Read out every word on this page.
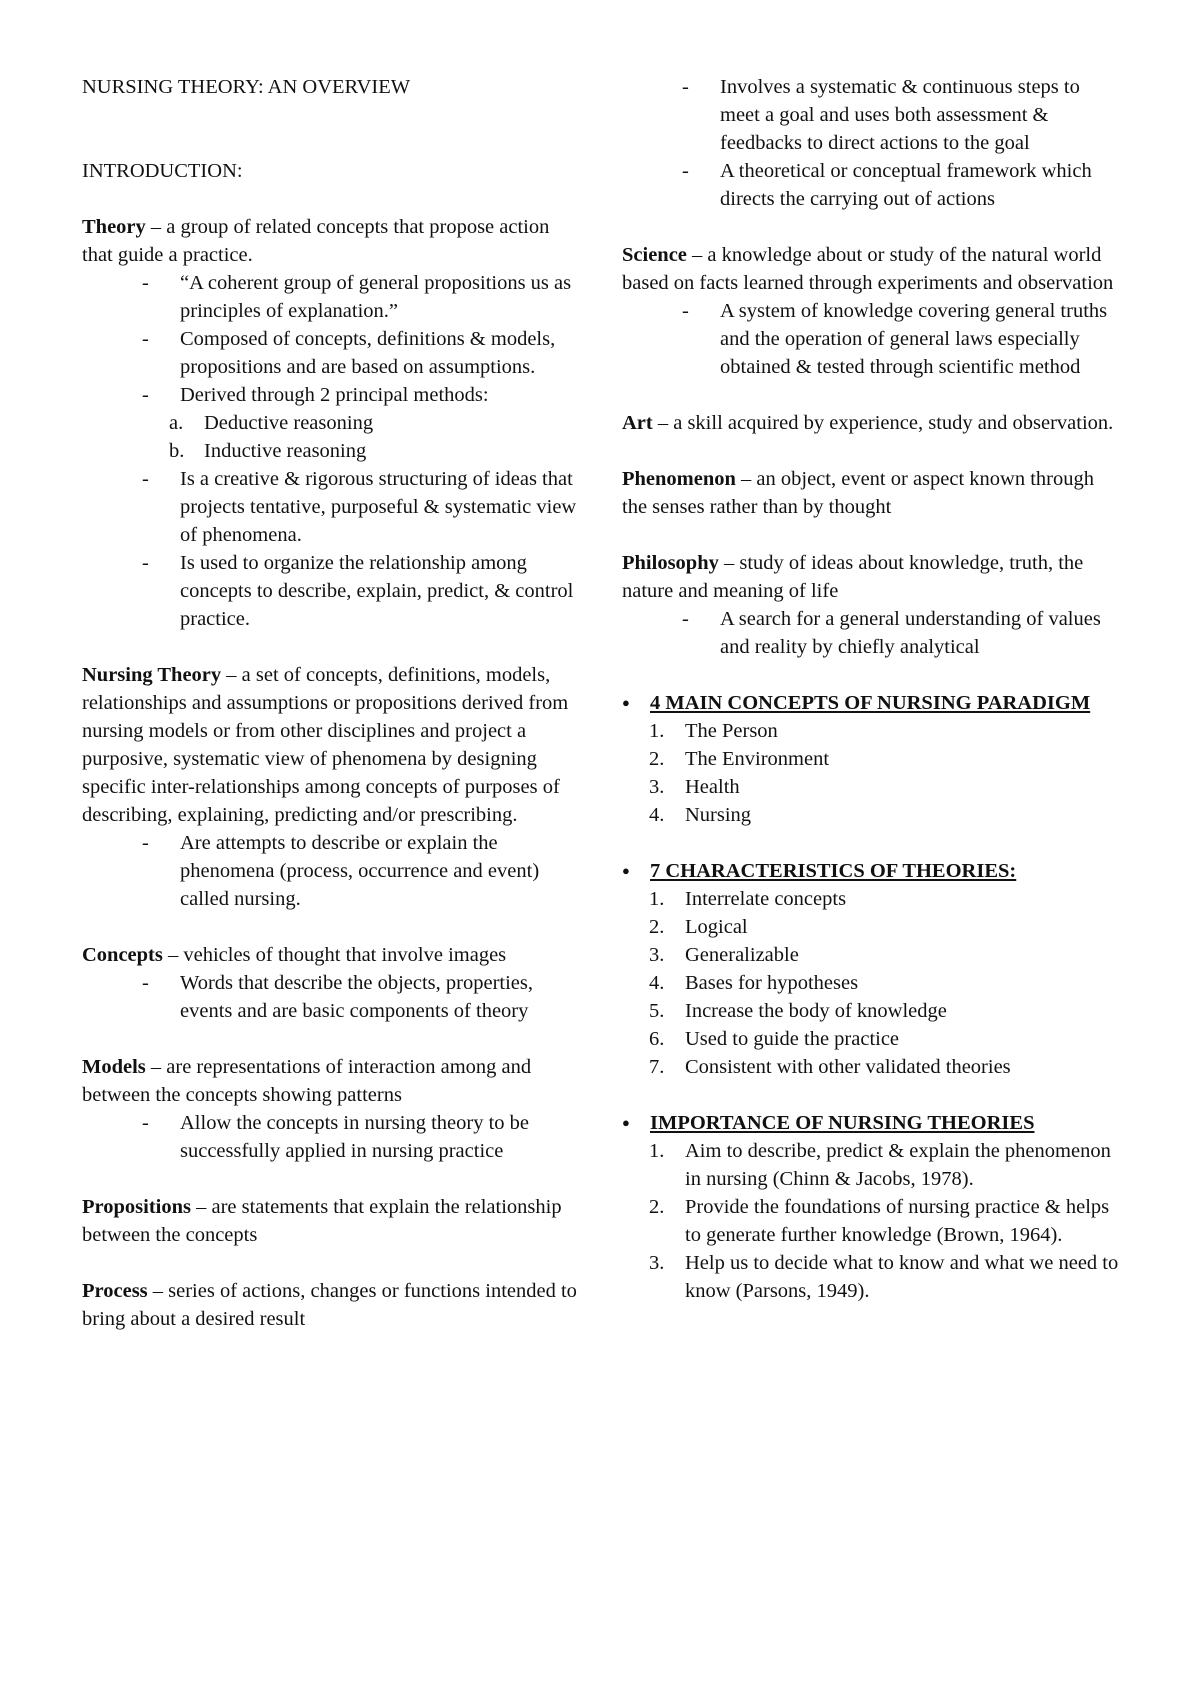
NURSING THEORY: AN OVERVIEW

INTRODUCTION:

Theory – a group of related concepts that propose action that guide a practice.

- “A coherent group of general propositions us as principles of explanation.”

- Composed of concepts, definitions & models, propositions and are based on assumptions.

- Derived through 2 principal methods:

a. Deductive reasoning

b. Inductive reasoning

- Is a creative & rigorous structuring of ideas that projects tentative, purposeful & systematic view of phenomena.

- Is used to organize the relationship among concepts to describe, explain, predict, & control practice.

Nursing Theory – a set of concepts, definitions, models, relationships and assumptions or propositions derived from nursing models or from other disciplines and project a purposive, systematic view of phenomena by designing specific inter-relationships among concepts of purposes of describing, explaining, predicting and/or prescribing.

- Are attempts to describe or explain the phenomena (process, occurrence and event) called nursing.

Concepts – vehicles of thought that involve images

- Words that describe the objects, properties, events and are basic components of theory

Models – are representations of interaction among and between the concepts showing patterns

- Allow the concepts in nursing theory to be successfully applied in nursing practice

Propositions – are statements that explain the relationship between the concepts

Process – series of actions, changes or functions intended to bring about a desired result

- Involves a systematic & continuous steps to meet a goal and uses both assessment & feedbacks to direct actions to the goal

- A theoretical or conceptual framework which directs the carrying out of actions

Science – a knowledge about or study of the natural world based on facts learned through experiments and observation

- A system of knowledge covering general truths and the operation of general laws especially obtained & tested through scientific method

Art – a skill acquired by experience, study and observation.

Phenomenon – an object, event or aspect known through the senses rather than by thought

Philosophy – study of ideas about knowledge, truth, the nature and meaning of life

- A search for a general understanding of values and reality by chiefly analytical

● 4 MAIN CONCEPTS OF NURSING PARADIGM

1. The Person

2. The Environment

3. Health

4. Nursing

● 7 CHARACTERISTICS OF THEORIES:

1. Interrelate concepts

2. Logical

3. Generalizable

4. Bases for hypotheses

5. Increase the body of knowledge

6. Used to guide the practice

7. Consistent with other validated theories

● IMPORTANCE OF NURSING THEORIES

1. Aim to describe, predict & explain the phenomenon in nursing (Chinn & Jacobs, 1978).

2. Provide the foundations of nursing practice & helps to generate further knowledge (Brown, 1964).

3. Help us to decide what to know and what we need to know (Parsons, 1949).
